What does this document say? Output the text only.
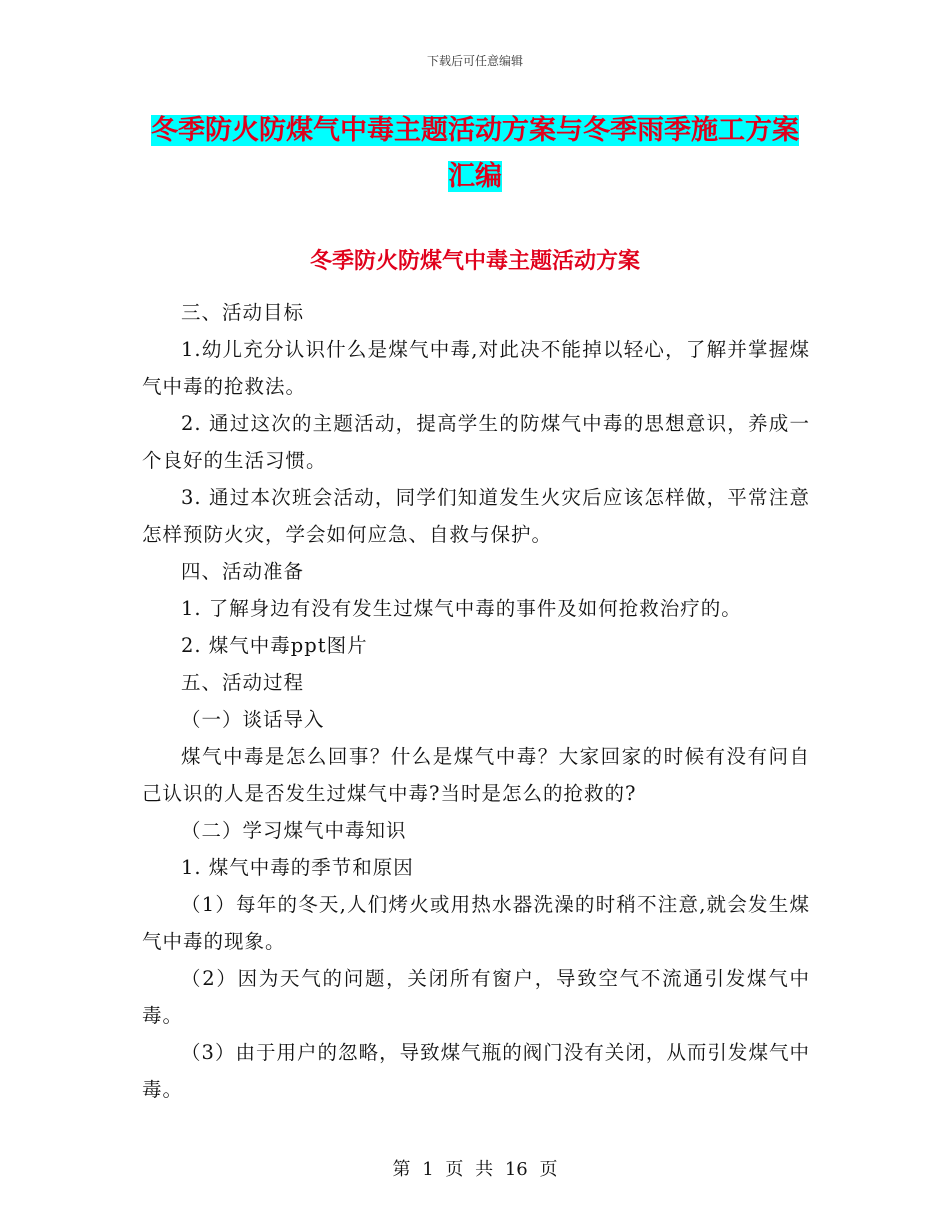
下载后可任意编辑
冬季防火防煤气中毒主题活动方案与冬季雨季施工方案汇编
冬季防火防煤气中毒主题活动方案

三、活动目标

1.幼儿充分认识什么是煤气中毒,对此决不能掉以轻心，了解并掌握煤气中毒的抢救法。

2. 通过这次的主题活动，提高学生的防煤气中毒的思想意识，养成一个良好的生活习惯。

3. 通过本次班会活动，同学们知道发生火灾后应该怎样做，平常注意怎样预防火灾，学会如何应急、自救与保护。

四、活动准备

1. 了解身边有没有发生过煤气中毒的事件及如何抢救治疗的。

2. 煤气中毒ppt图片

五、活动过程

（一）谈话导入

煤气中毒是怎么回事？什么是煤气中毒？大家回家的时候有没有问自己认识的人是否发生过煤气中毒?当时是怎么的抢救的?

（二）学习煤气中毒知识

1. 煤气中毒的季节和原因

（1）每年的冬天,人们烤火或用热水器洗澡的时稍不注意,就会发生煤气中毒的现象。

（2）因为天气的问题，关闭所有窗户，导致空气不流通引发煤气中毒。

（3）由于用户的忽略，导致煤气瓶的阀门没有关闭，从而引发煤气中毒。

第 1 页 共 16 页
